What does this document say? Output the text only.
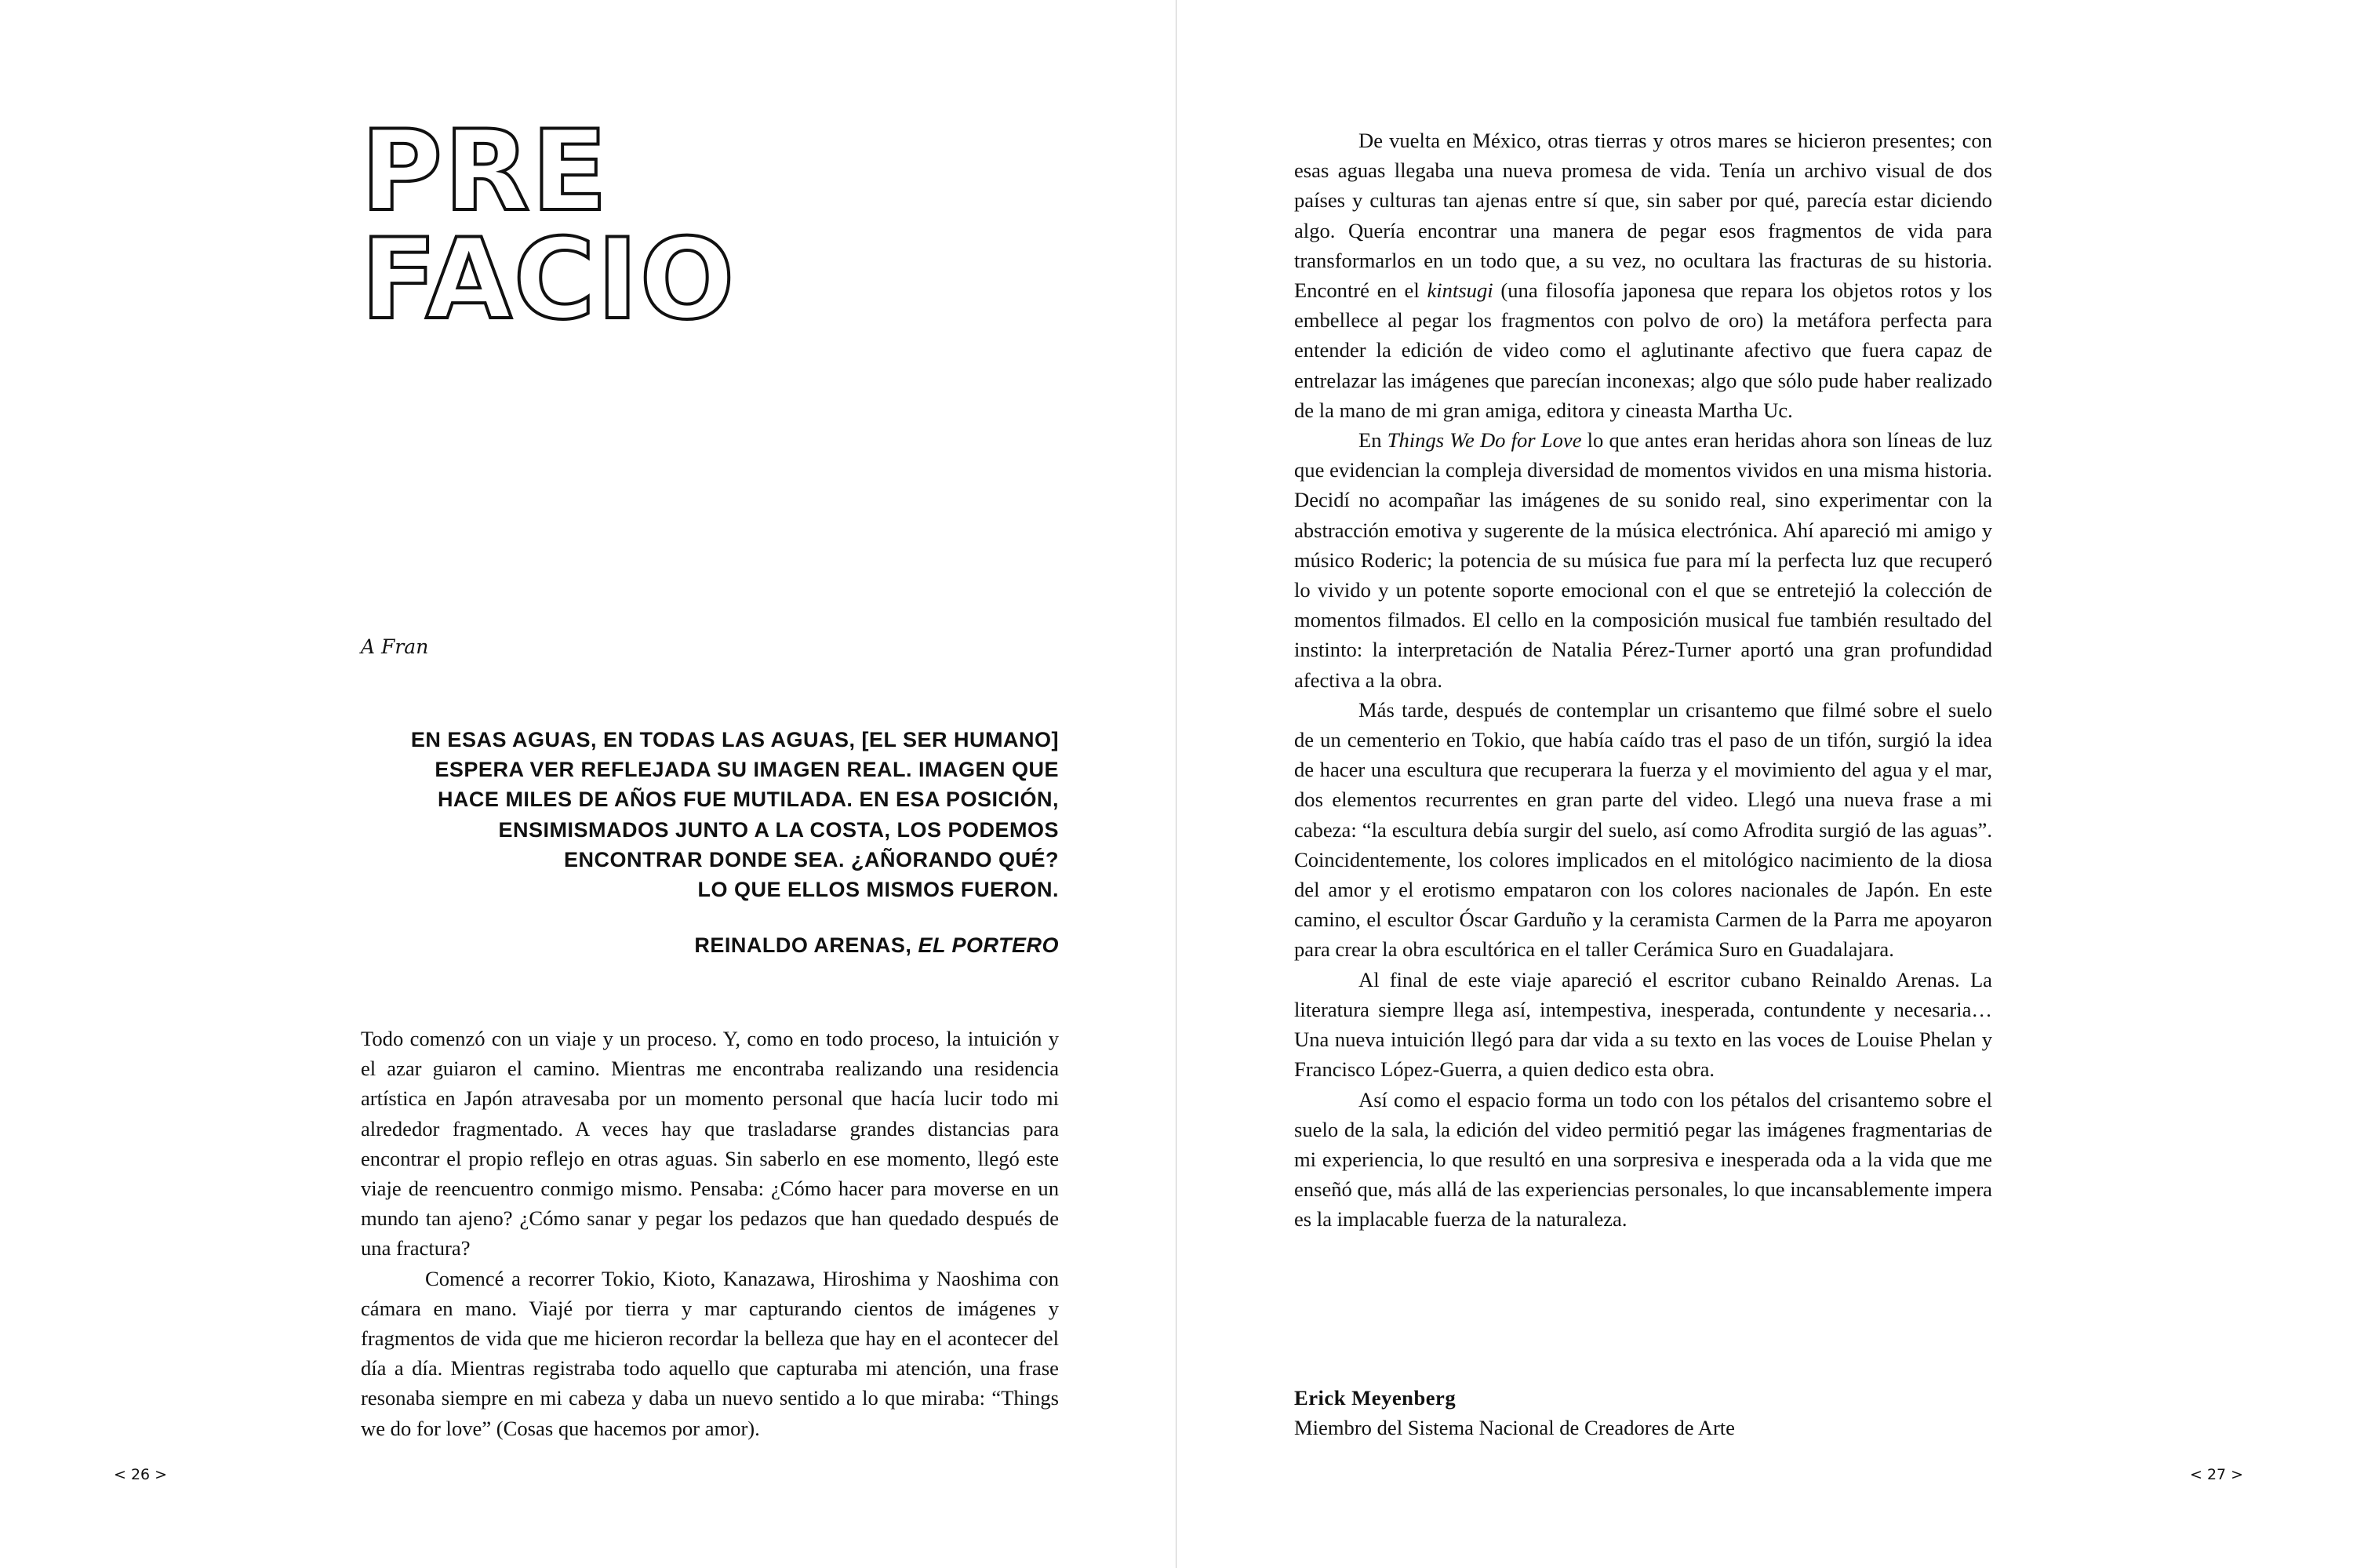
PRE
FACIO
A Fran
EN ESAS AGUAS, EN TODAS LAS AGUAS, [EL SER HUMANO]
ESPERA VER REFLEJADA SU IMAGEN REAL. IMAGEN QUE
HACE MILES DE AÑOS FUE MUTILADA. EN ESA POSICIÓN,
ENSIMISMADOS JUNTO A LA COSTA, LOS PODEMOS
ENCONTRAR DONDE SEA. ¿AÑORANDO QUÉ?
LO QUE ELLOS MISMOS FUERON.
REINALDO ARENAS, EL PORTERO

Todo comenzó con un viaje y un proceso. Y, como en todo proceso, la intuición y el azar guiaron el camino. Mientras me encontraba realizando una residencia artística en Japón atravesaba por un momento personal que hacía lucir todo mi alrededor fragmentado. A veces hay que trasladarse grandes distancias para encontrar el propio reflejo en otras aguas. Sin saberlo en ese momento, llegó este viaje de reencuentro conmigo mismo. Pensaba: ¿Cómo hacer para moverse en un mundo tan ajeno? ¿Cómo sanar y pegar los pedazos que han quedado después de una fractura?

Comencé a recorrer Tokio, Kioto, Kanazawa, Hiroshima y Naoshima con cámara en mano. Viajé por tierra y mar capturando cientos de imágenes y fragmentos de vida que me hicieron recordar la belleza que hay en el acontecer del día a día. Mientras registraba todo aquello que capturaba mi atención, una frase resonaba siempre en mi cabeza y daba un nuevo sentido a lo que miraba: “Things we do for love” (Cosas que hacemos por amor).

< 26 >

De vuelta en México, otras tierras y otros mares se hicieron presentes; con esas aguas llegaba una nueva promesa de vida. Tenía un archivo visual de dos países y culturas tan ajenas entre sí que, sin saber por qué, parecía estar diciendo algo. Quería encontrar una manera de pegar esos fragmentos de vida para transformarlos en un todo que, a su vez, no ocultara las fracturas de su historia. Encontré en el kintsugi (una filosofía japonesa que repara los objetos rotos y los embellece al pegar los fragmentos con polvo de oro) la metáfora perfecta para entender la edición de video como el aglutinante afectivo que fuera capaz de entrelazar las imágenes que parecían inconexas; algo que sólo pude haber realizado de la mano de mi gran amiga, editora y cineasta Martha Uc.

En Things We Do for Love lo que antes eran heridas ahora son líneas de luz que evidencian la compleja diversidad de momentos vividos en una misma historia. Decidí no acompañar las imágenes de su sonido real, sino experimentar con la abstracción emotiva y sugerente de la música electrónica. Ahí apareció mi amigo y músico Roderic; la potencia de su música fue para mí la perfecta luz que recuperó lo vivido y un potente soporte emocional con el que se entretejió la colección de momentos filmados. El cello en la composición musical fue también resultado del instinto: la interpretación de Natalia Pérez-Turner aportó una gran profundidad afectiva a la obra.

Más tarde, después de contemplar un crisantemo que filmé sobre el suelo de un cementerio en Tokio, que había caído tras el paso de un tifón, surgió la idea de hacer una escultura que recuperara la fuerza y el movimiento del agua y el mar, dos elementos recurrentes en gran parte del video. Llegó una nueva frase a mi cabeza: “la escultura debía surgir del suelo, así como Afrodita surgió de las aguas”. Coincidentemente, los colores implicados en el mitológico nacimiento de la diosa del amor y el erotismo empataron con los colores nacionales de Japón. En este camino, el escultor Óscar Garduño y la ceramista Carmen de la Parra me apoyaron para crear la obra escultórica en el taller Cerámica Suro en Guadalajara.

Al final de este viaje apareció el escritor cubano Reinaldo Arenas. La literatura siempre llega así, intempestiva, inesperada, contundente y necesaria… Una nueva intuición llegó para dar vida a su texto en las voces de Louise Phelan y Francisco López-Guerra, a quien dedico esta obra.

Así como el espacio forma un todo con los pétalos del crisantemo sobre el suelo de la sala, la edición del video permitió pegar las imágenes fragmentarias de mi experiencia, lo que resultó en una sorpresiva e inesperada oda a la vida que me enseñó que, más allá de las experiencias personales, lo que incansablemente impera es la implacable fuerza de la naturaleza.

Erick Meyenberg
Miembro del Sistema Nacional de Creadores de Arte
< 27 >
